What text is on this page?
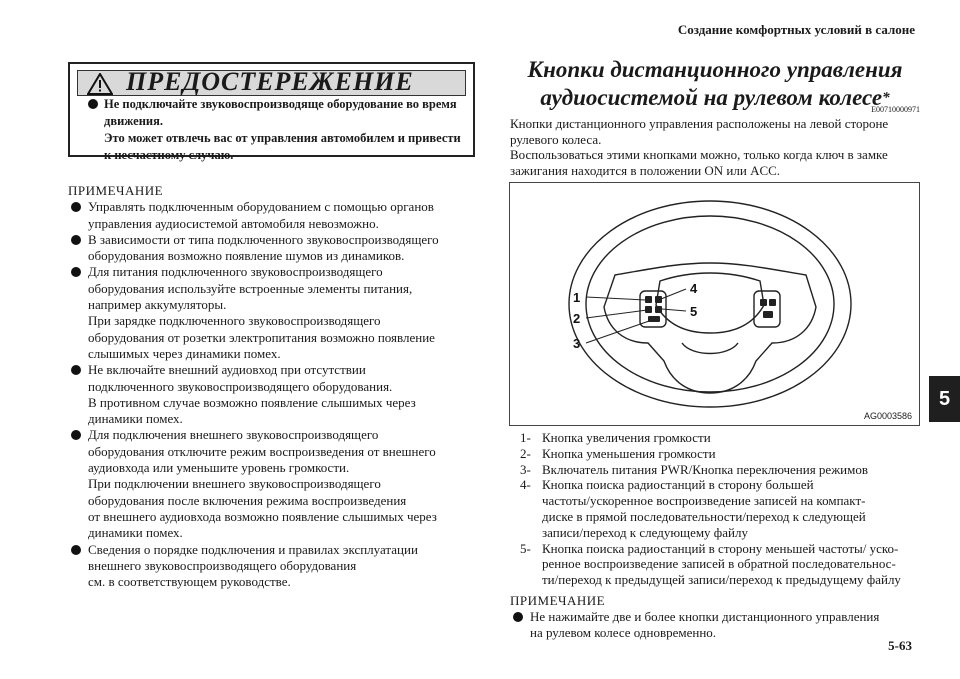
Создание комфортных условий в салоне
5
5-63
ПРЕДОСТЕРЕЖЕНИЕ
Не подключайте звуковоспроизводяще оборудование во время
движения.
Это может отвлечь вас от управления автомобилем и привести
к несчастному случаю.
ПРИМЕЧАНИЕ
Управлять подключенным оборудованием с помощью органов
управления аудиосистемой автомобиля невозможно.
В зависимости от типа подключенного звуковоспроизводящего
оборудования возможно появление шумов из динамиков.
Для питания подключенного звуковоспроизводящего
оборудования используйте встроенные элементы питания,
например аккумуляторы.
При зарядке подключенного звуковоспроизводящего
оборудования от розетки электропитания возможно появление
слышимых через динамики помех.
Не включайте внешний аудиовход при отсутствии
подключенного звуковоспроизводящего оборудования.
В противном случае возможно появление слышимых через
динамики помех.
Для подключения внешнего звуковоспроизводящего
оборудования отключите режим воспроизведения от внешнего
аудиовхода или уменьшите уровень громкости.
При подключении внешнего звуковоспроизводящего
оборудования после включения режима воспроизведения
от внешнего аудиовхода возможно появление слышимых через
динамики помех.
Сведения о порядке подключения и правилах эксплуатации
внешнего звуковоспроизводящего оборудования
см. в соответствующем руководстве.
Кнопки дистанционного управления
аудиосистемой на рулевом колесе*
E00710000971
Кнопки дистанционного управления расположены на левой стороне
рулевого колеса.
Воспользоваться этими кнопками можно, только когда ключ в замке
зажигания находится в положении ON или ACC.
1
2
3
4
5
AG0003586
1- Кнопка увеличения громкости
2- Кнопка уменьшения громкости
3- Включатель питания PWR/Кнопка переключения режимов
4- Кнопка поиска радиостанций в сторону большей
частоты/ускоренное воспроизведение записей на компакт-
диске в прямой последовательности/переход к следующей
записи/переход к следующему файлу
5- Кнопка поиска радиостанций в сторону меньшей частоты/ уско-
ренное воспроизведение записей в обратной последовательнос-
ти/переход к предыдущей записи/переход к предыдущему файлу
ПРИМЕЧАНИЕ
Не нажимайте две и более кнопки дистанционного управления
на рулевом колесе одновременно.
